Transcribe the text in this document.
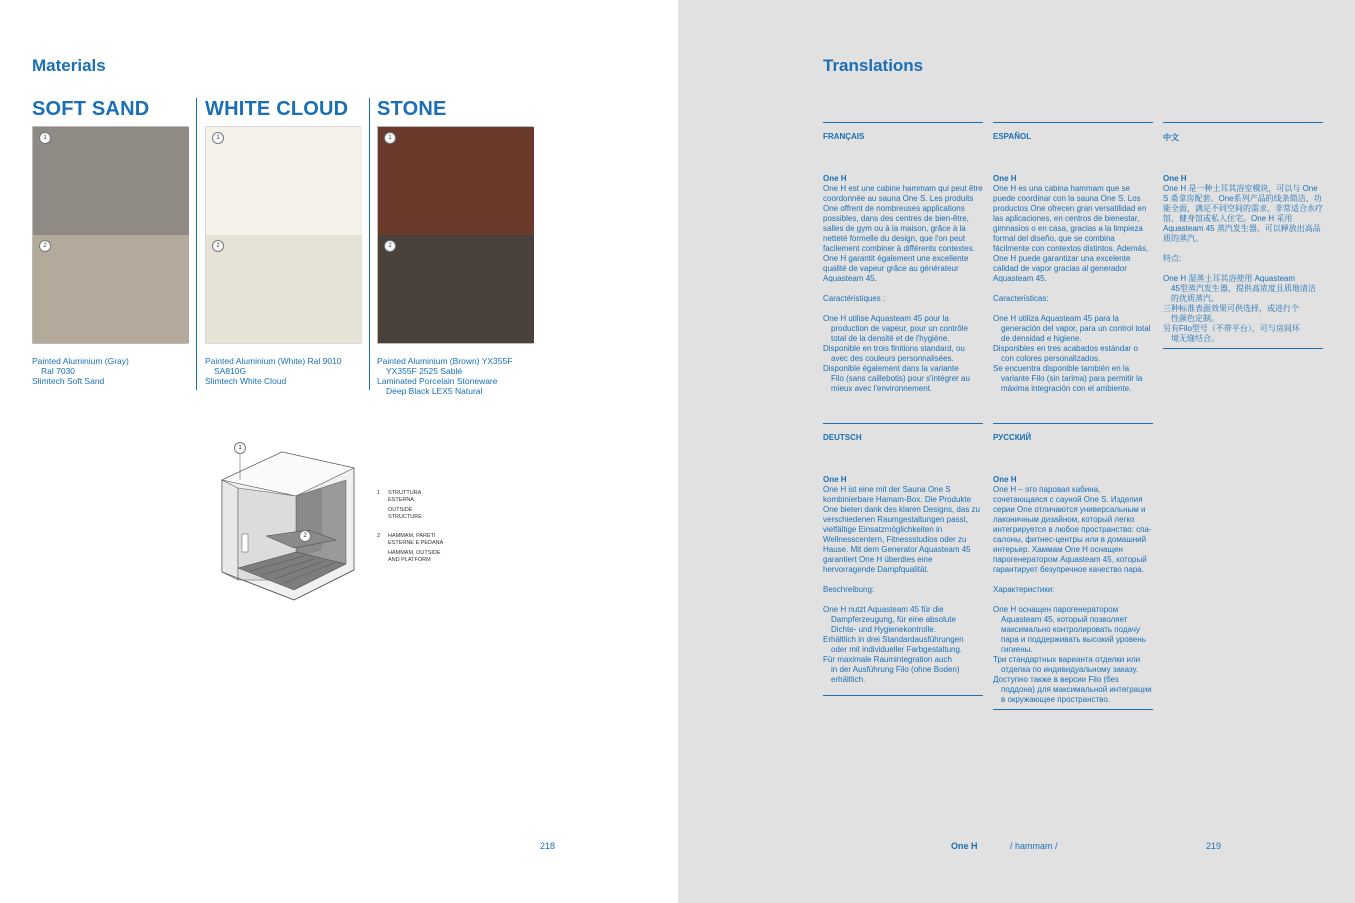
Materials
SOFT SAND
1
2
Painted Aluminium (Gray)
Ral 7030
Slimtech Soft Sand
WHITE CLOUD
1
2
Painted Aluminium (White) Ral 9010
SA810G
Slimtech White Cloud
STONE
1
2
Painted Aluminium (Brown) YX355F
YX355F 2525 Sablé
Laminated Porcelain Stoneware
Deep Black LEX5 Natural
1
2
1	STRUTTURA
ESTERNA
OUTSIDE
STRUCTURE
2	HAMMAM, PARETI
ESTERNE E PEDANA
HAMMAM, OUTSIDE
AND PLATFORM
218
Translations
FRANÇAIS
One H
One H est une cabine hammam qui peut être coordonnée au sauna One S. Les produits One offrent de nombreuses applications possibles, dans des centres de bien-être, salles de gym ou à la maison, grâce à la netteté formelle du design, que l'on peut facilement combiner à différents contextes. One H garantit également une excellente qualité de vapeur grâce au générateur Aquasteam 45.
Caractéristiques :
One H utilise Aquasteam 45 pour la
production de vapeur, pour un contrôle total de la densité et de l'hygiène.
Disponible en trois finitions standard, ou
avec des couleurs personnalisées.
Disponible également dans la variante
Filo (sans caillebotis) pour s'intégrer au mieux avec l'environnement.
ESPAÑOL
One H
One H es una cabina hammam que se puede coordinar con la sauna One S. Los productos One ofrecen gran versatilidad en las aplicaciones, en centros de bienestar, gimnasios o en casa, gracias a la limpieza formal del diseño, que se combina fácilmente con contextos distintos. Además, One H puede garantizar una excelente calidad de vapor gracias al generador Aquasteam 45.
Características:
One H utiliza Aquasteam 45 para la
generación del vapor, para un control total de densidad e higiene.
Disponibles en tres acabados estándar o
con colores personalizados.
Se encuentra disponible también en la
variante Filo (sin tarima) para permitir la máxima integración con el ambiente.
中文
One H
One H 是一种土耳其浴室模块，可以与 One S 桑拿房配套。One系列产品的线条简洁、功能全面，满足不同空间的需求，非常适合水疗馆、健身馆或私人住宅。One H 采用 Aquasteam 45 蒸汽发生器，可以释放出高品质的蒸汽。
特点:
One H 湿蒸土耳其浴使用 Aquasteam
45型蒸汽发生器，提供高浓度且质地清洁的优质蒸汽。
三种标准表面效果可供选择，或进行个
性颜色定制。
另有Filo型号（不带平台），可与房间环
境无缝结合。
DEUTSCH
One H
One H ist eine mit der Sauna One S kombinierbare Hamam-Box. Die Produkte One bieten dank des klaren Designs, das zu verschiedenen Raumgestaltungen passt, vielfältige Einsatzmöglichkeiten in Wellnesscentern, Fitnessstudios oder zu Hause. Mit dem Generator Aquasteam 45 garantiert One H überdies eine hervorragende Dampfqualität.
Beschreibung:
One H nutzt Aquasteam 45 für die
Dampferzeugung, für eine absolute Dichte- und Hygienekontrolle.
Erhältlich in drei Standardausführungen
oder mit individueller Farbgestaltung.
Für maximale Raumintegration auch
in der Ausführung Filo (ohne Boden) erhältlich.
РУССКИЙ
One H
One H – это паровая кабина, сочетающаяся с сауной One S. Изделия серии One отличаются универсальным и лаконичным дизайном, который легко интегрируется в любое пространство: спа-салоны, фитнес-центры или в домашний интерьер. Хаммам One H оснащен парогенератором Aquasteam 45, который гарантирует безупречное качество пара.
Характеристики:
One H оснащен парогенератором
Aquasteam 45, который позволяет максимально контролировать подачу пара и поддерживать высокий уровень гигиены.
Три стандартных варианта отделки или
отделка по индивидуальному заказу.
Доступно также в версии Filo (без
поддона) для максимальной интеграции в окружающее пространство.
One H	/ hammam /	219
